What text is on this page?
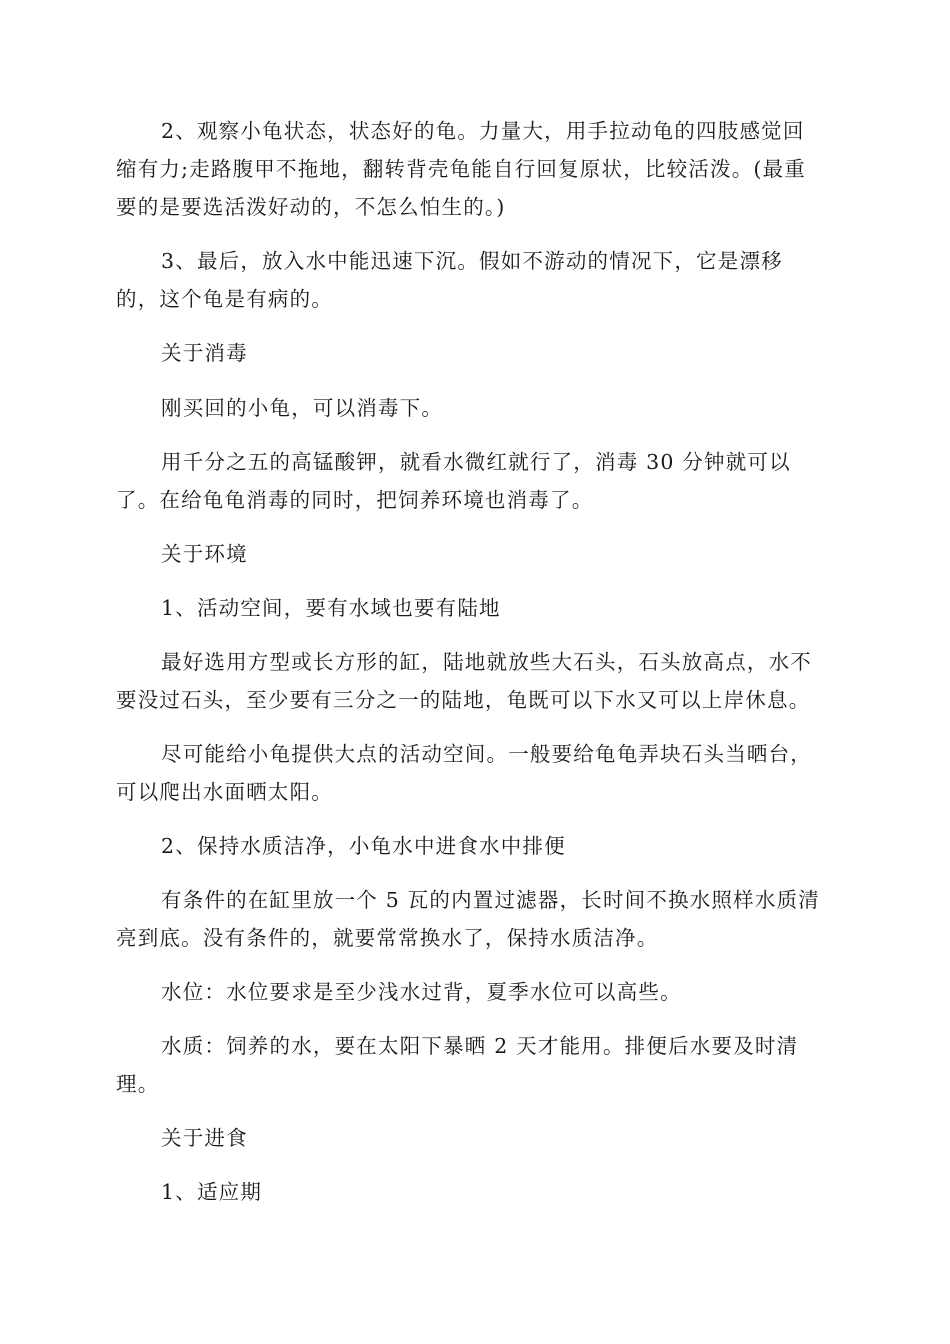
2、观察小龟状态，状态好的龟。力量大，用手拉动龟的四肢感觉回
缩有力;走路腹甲不拖地，翻转背壳龟能自行回复原状，比较活泼。(最重
要的是要选活泼好动的，不怎么怕生的。)

3、最后，放入水中能迅速下沉。假如不游动的情况下，它是漂移
的，这个龟是有病的。

关于消毒

刚买回的小龟，可以消毒下。

用千分之五的高锰酸钾，就看水微红就行了，消毒 30 分钟就可以
了。在给龟龟消毒的同时，把饲养环境也消毒了。

关于环境

1、活动空间，要有水域也要有陆地

最好选用方型或长方形的缸，陆地就放些大石头，石头放高点，水不
要没过石头，至少要有三分之一的陆地，龟既可以下水又可以上岸休息。

尽可能给小龟提供大点的活动空间。一般要给龟龟弄块石头当晒台，
可以爬出水面晒太阳。

2、保持水质洁净，小龟水中进食水中排便

有条件的在缸里放一个 5 瓦的内置过滤器，长时间不换水照样水质清
亮到底。没有条件的，就要常常换水了，保持水质洁净。

水位：水位要求是至少浅水过背，夏季水位可以高些。

水质：饲养的水，要在太阳下暴晒 2 天才能用。排便后水要及时清
理。

关于进食

1、适应期
